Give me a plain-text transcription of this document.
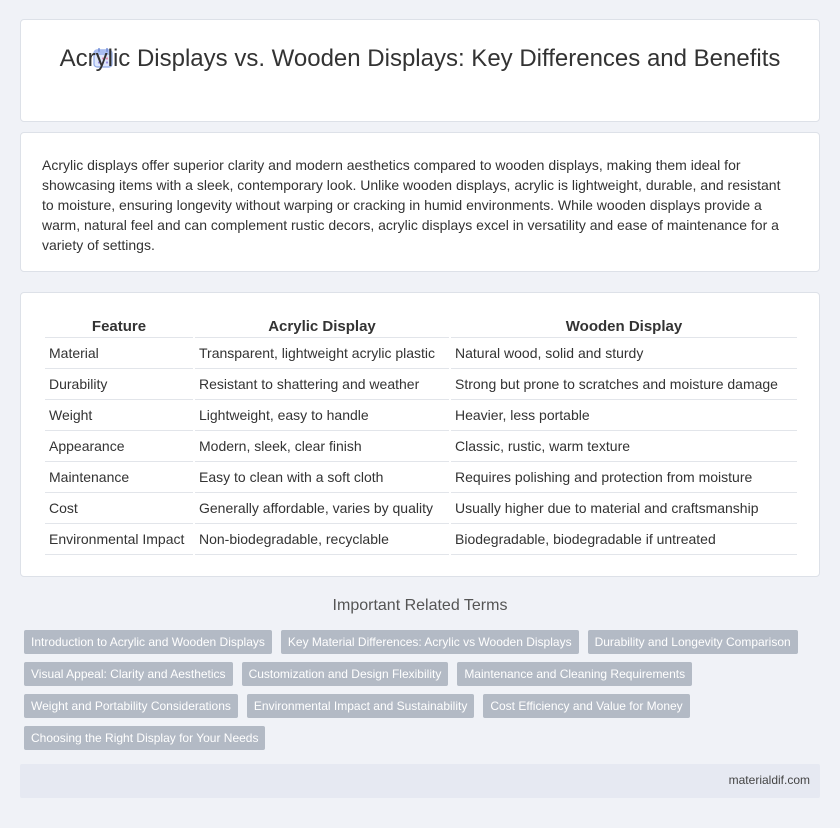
Acrylic Displays vs. Wooden Displays: Key Differences and Benefits

Acrylic displays offer superior clarity and modern aesthetics compared to wooden displays, making them ideal for showcasing items with a sleek, contemporary look. Unlike wooden displays, acrylic is lightweight, durable, and resistant to moisture, ensuring longevity without warping or cracking in humid environments. While wooden displays provide a warm, natural feel and can complement rustic decors, acrylic displays excel in versatility and ease of maintenance for a variety of settings.

Feature	Acrylic Display	Wooden Display
Material	Transparent, lightweight acrylic plastic	Natural wood, solid and sturdy
Durability	Resistant to shattering and weather	Strong but prone to scratches and moisture damage
Weight	Lightweight, easy to handle	Heavier, less portable
Appearance	Modern, sleek, clear finish	Classic, rustic, warm texture
Maintenance	Easy to clean with a soft cloth	Requires polishing and protection from moisture
Cost	Generally affordable, varies by quality	Usually higher due to material and craftsmanship
Environmental Impact	Non-biodegradable, recyclable	Biodegradable, biodegradable if untreated
Important Related Terms
Introduction to Acrylic and Wooden Displays	Key Material Differences: Acrylic vs Wooden Displays	Durability and Longevity Comparison
Visual Appeal: Clarity and Aesthetics	Customization and Design Flexibility	Maintenance and Cleaning Requirements
Weight and Portability Considerations	Environmental Impact and Sustainability	Cost Efficiency and Value for Money
Choosing the Right Display for Your Needs
materialdif.com
